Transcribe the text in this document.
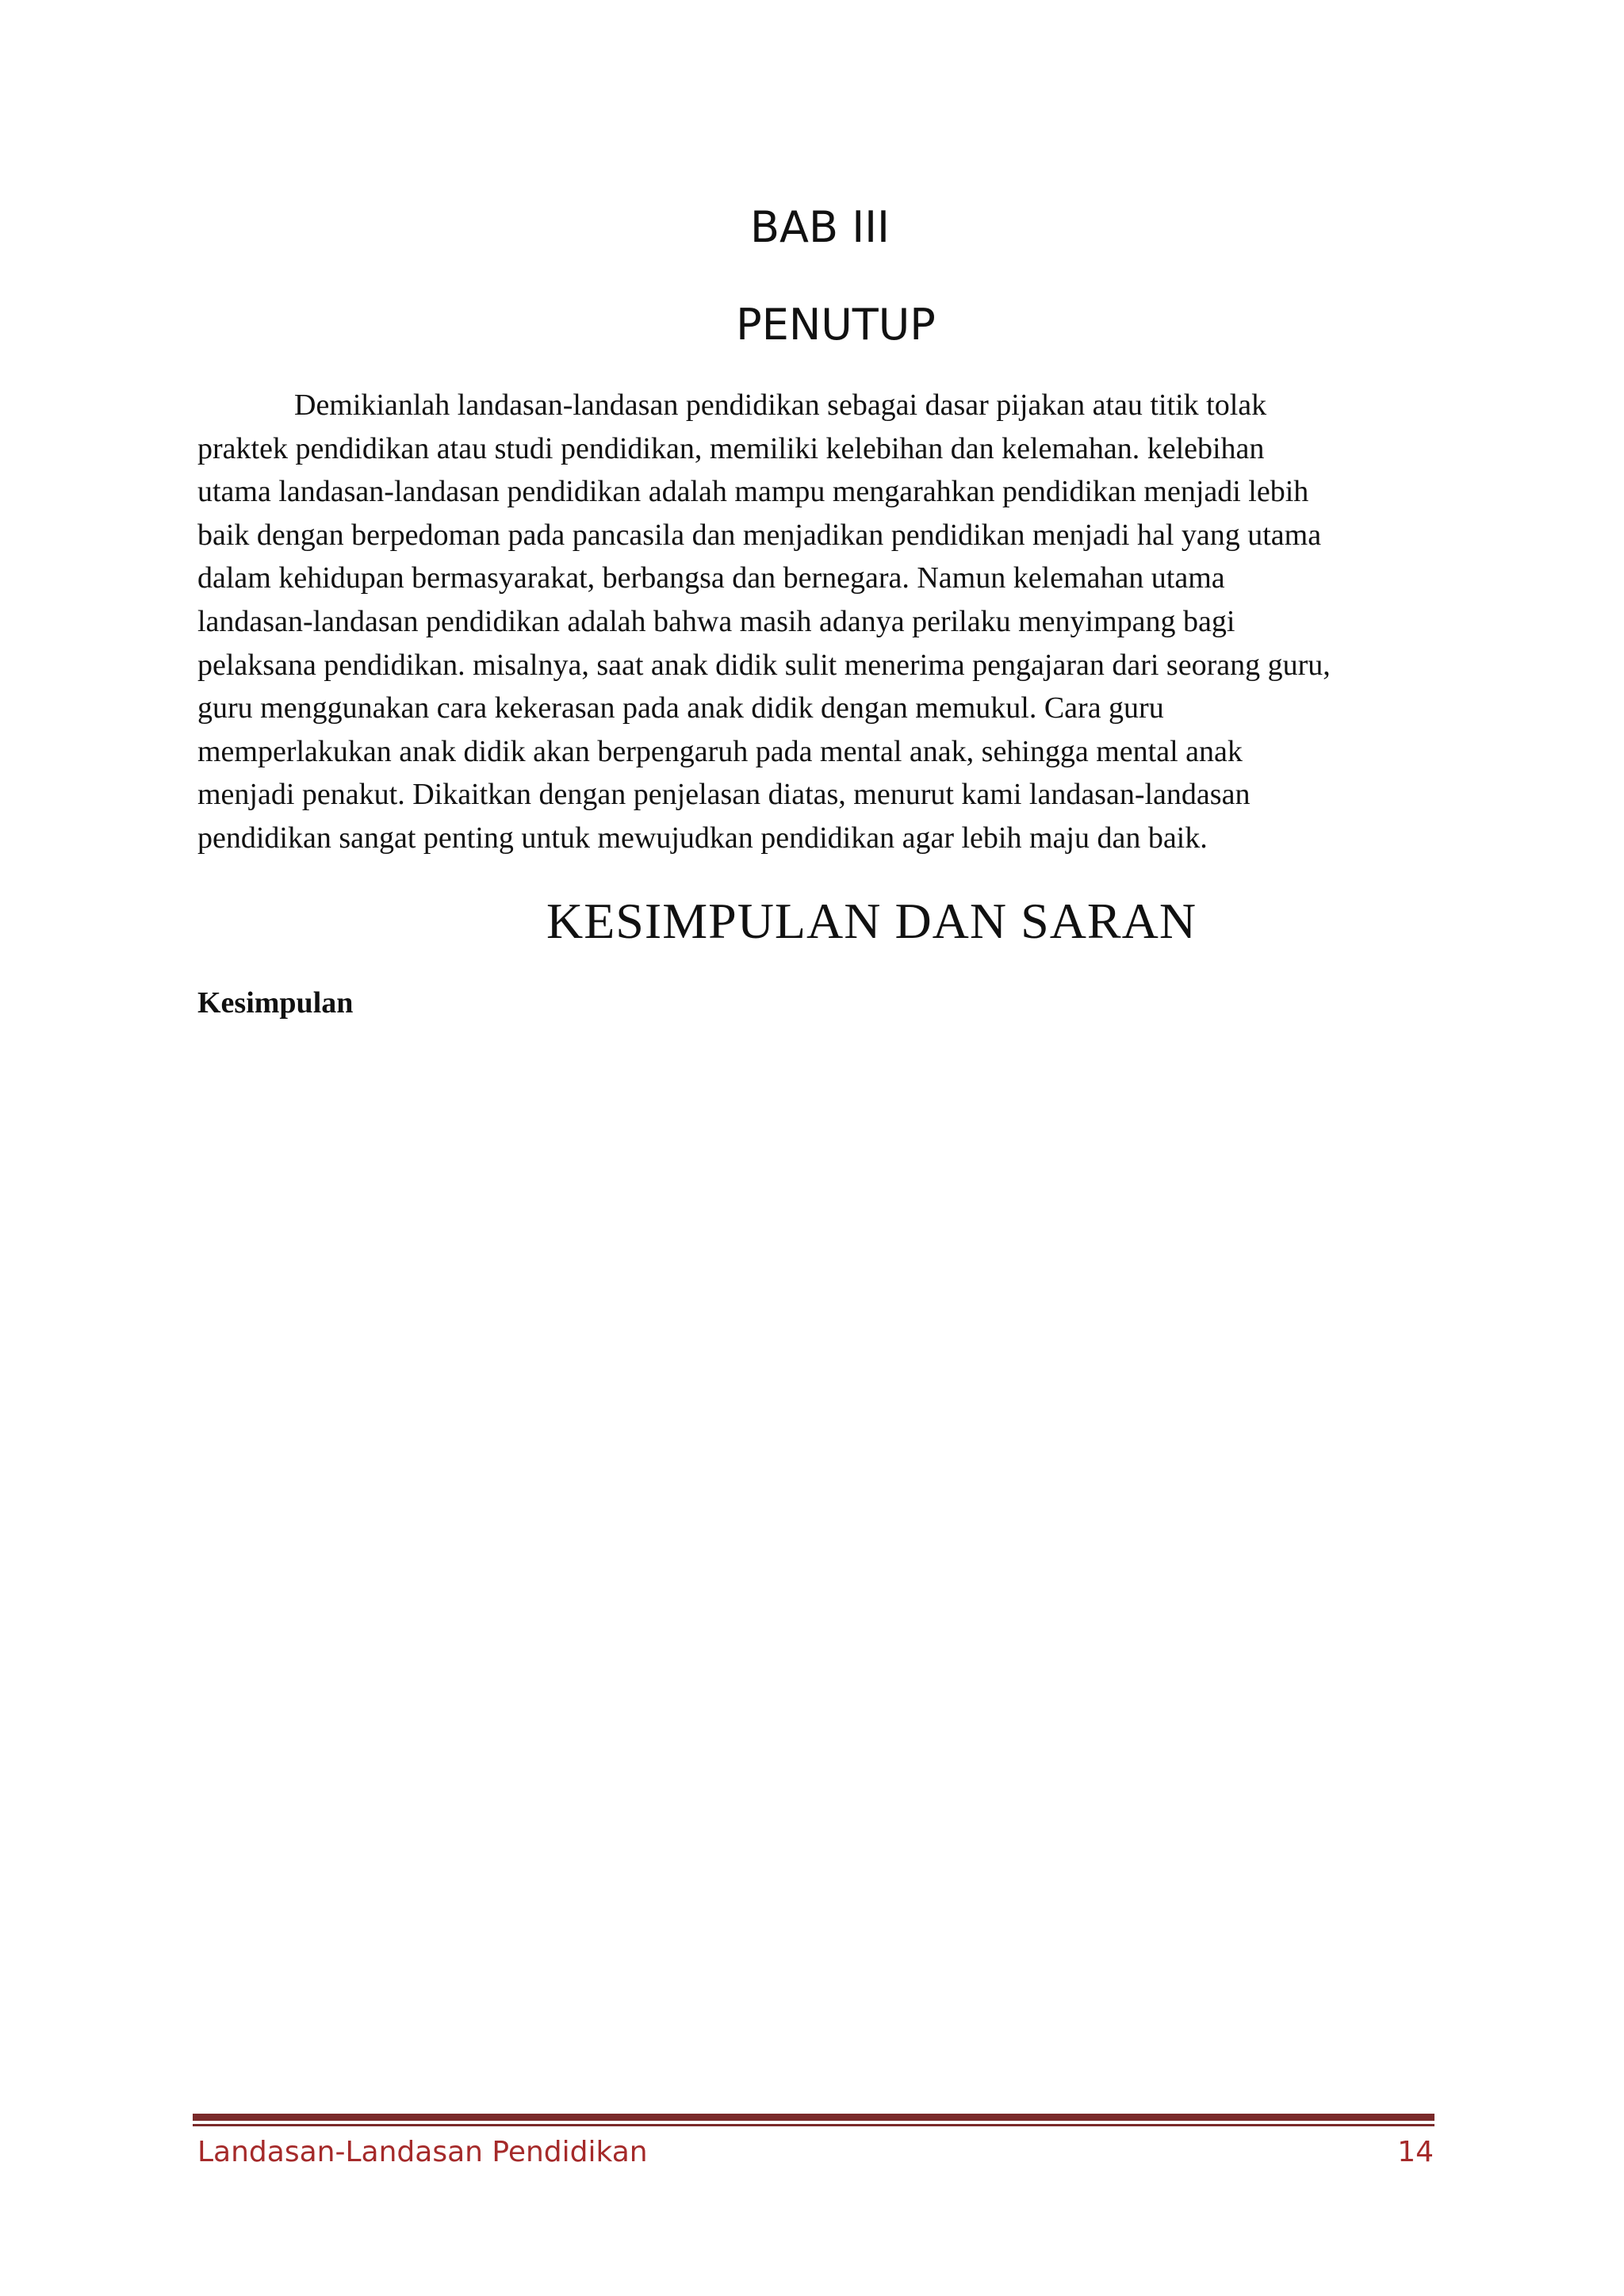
BAB III
PENUTUP

Demikianlah landasan-landasan pendidikan sebagai dasar pijakan atau titik tolak
praktek pendidikan atau studi pendidikan, memiliki kelebihan dan kelemahan. kelebihan
utama landasan-landasan pendidikan adalah mampu mengarahkan pendidikan menjadi lebih
baik dengan berpedoman pada pancasila dan menjadikan pendidikan menjadi hal yang utama
dalam kehidupan bermasyarakat, berbangsa dan bernegara. Namun kelemahan utama
landasan-landasan pendidikan adalah bahwa masih adanya perilaku menyimpang bagi
pelaksana pendidikan. misalnya, saat anak didik sulit menerima pengajaran dari seorang guru,
guru menggunakan cara kekerasan pada anak didik dengan memukul. Cara guru
memperlakukan anak didik akan berpengaruh pada mental anak, sehingga mental anak
menjadi penakut. Dikaitkan dengan penjelasan diatas, menurut kami landasan-landasan
pendidikan sangat penting untuk mewujudkan pendidikan agar lebih maju dan baik.

KESIMPULAN DAN SARAN
Kesimpulan
Landasan-Landasan Pendidikan	14
